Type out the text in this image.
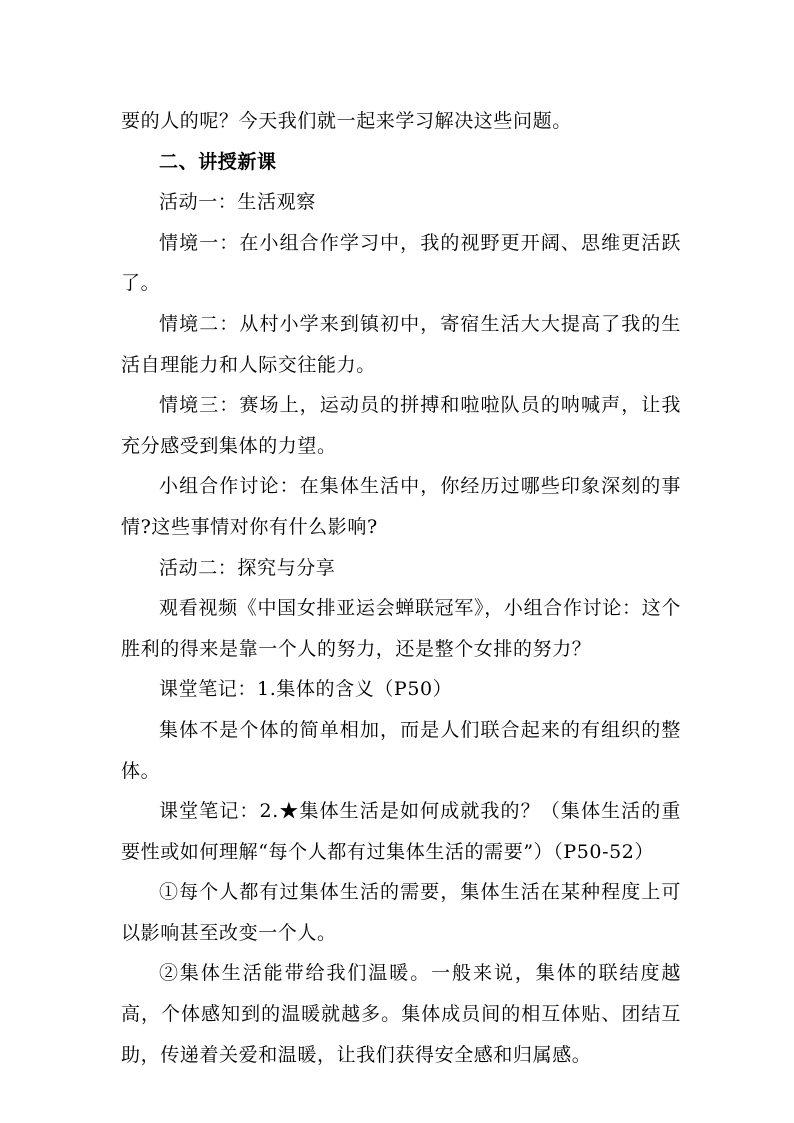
要的人的呢？今天我们就一起来学习解决这些问题。

二、讲授新课

活动一：生活观察

情境一：在小组合作学习中，我的视野更开阔、思维更活跃了。

情境二：从村小学来到镇初中，寄宿生活大大提高了我的生活自理能力和人际交往能力。

情境三：赛场上，运动员的拼搏和啦啦队员的呐喊声，让我充分感受到集体的力望。

小组合作讨论：在集体生活中，你经历过哪些印象深刻的事情?这些事情对你有什么影响?

活动二：探究与分享

观看视频《中国女排亚运会蝉联冠军》，小组合作讨论：这个胜利的得来是靠一个人的努力，还是整个女排的努力？

课堂笔记：1.集体的含义（P50）

集体不是个体的简单相加，而是人们联合起来的有组织的整体。

课堂笔记：2.★集体生活是如何成就我的？（集体生活的重要性或如何理解“每个人都有过集体生活的需要”）（P50-52）

①每个人都有过集体生活的需要，集体生活在某种程度上可以影响甚至改变一个人。

②集体生活能带给我们温暖。一般来说，集体的联结度越高，个体感知到的温暖就越多。集体成员间的相互体贴、团结互助，传递着关爱和温暖，让我们获得安全感和归属感。
